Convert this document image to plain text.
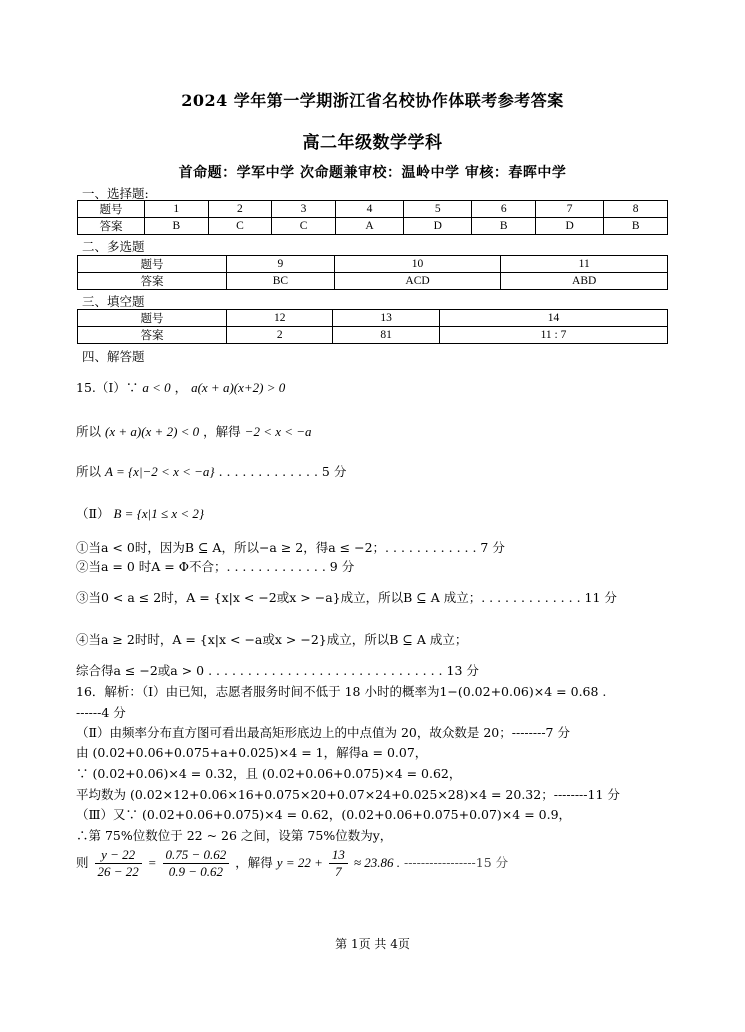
2024 学年第一学期浙江省名校协作体联考参考答案
高二年级数学学科
首命题：学军中学 次命题兼审校：温岭中学 审核：春晖中学
一、选择题:
题号	1	2	3	4	5	6	7	8
答案	B	C	C	A	D	B	D	B
二、多选题
题号	9	10	11
答案	BC	ACD	ABD
三、填空题
题号	12	13	14
答案	2	81	11 : 7
四、解答题
15.（Ⅰ）∵ a < 0 ， a(x + a)(x+2) > 0
所以 (x + a)(x + 2) < 0 ，解得 −2 < x < −a
所以 A = {x|−2 < x < −a} . . . . . . . . . . . . . 5 分
（Ⅱ） B = {x|1 ≤ x < 2}
①当a < 0时，因为B ⊆ A，所以−a ≥ 2，得a ≤ −2；. . . . . . . . . . . . 7 分
②当a = 0 时A = Φ不合；. . . . . . . . . . . . . 9 分
③当0 < a ≤ 2时，A = {x|x < −2或x > −a}成立，所以B ⊆ A 成立；. . . . . . . . . . . . . 11 分
④当a ≥ 2时时，A = {x|x < −a或x > −2}成立，所以B ⊆ A 成立；
综合得a ≤ −2或a > 0 . . . . . . . . . . . . . . . . . . . . . . . . . . . . . . 13 分
16．解析：（Ⅰ）由已知，志愿者服务时间不低于 18 小时的概率为1−(0.02+0.06)×4 = 0.68 .
------4 分
（Ⅱ）由频率分布直方图可看出最高矩形底边上的中点值为 20，故众数是 20；--------7 分
由 (0.02+0.06+0.075+a+0.025)×4 = 1，解得a = 0.07，
∵ (0.02+0.06)×4 = 0.32，且 (0.02+0.06+0.075)×4 = 0.62，
平均数为 (0.02×12+0.06×16+0.075×20+0.07×24+0.025×28)×4 = 20.32；--------11 分
（Ⅲ）又∵ (0.02+0.06+0.075)×4 = 0.62，(0.02+0.06+0.075+0.07)×4 = 0.9，
∴第 75%位数位于 22 ~ 26 之间，设第 75%位数为y，
则 $\frac{y - 22}{26 - 22} = \frac{0.75 - 0.62}{0.9 - 0.62}$ ，解得 $y = 22 + \frac{13}{7} \approx 23.86$ . -----------------15 分
第 1页 共 4页
